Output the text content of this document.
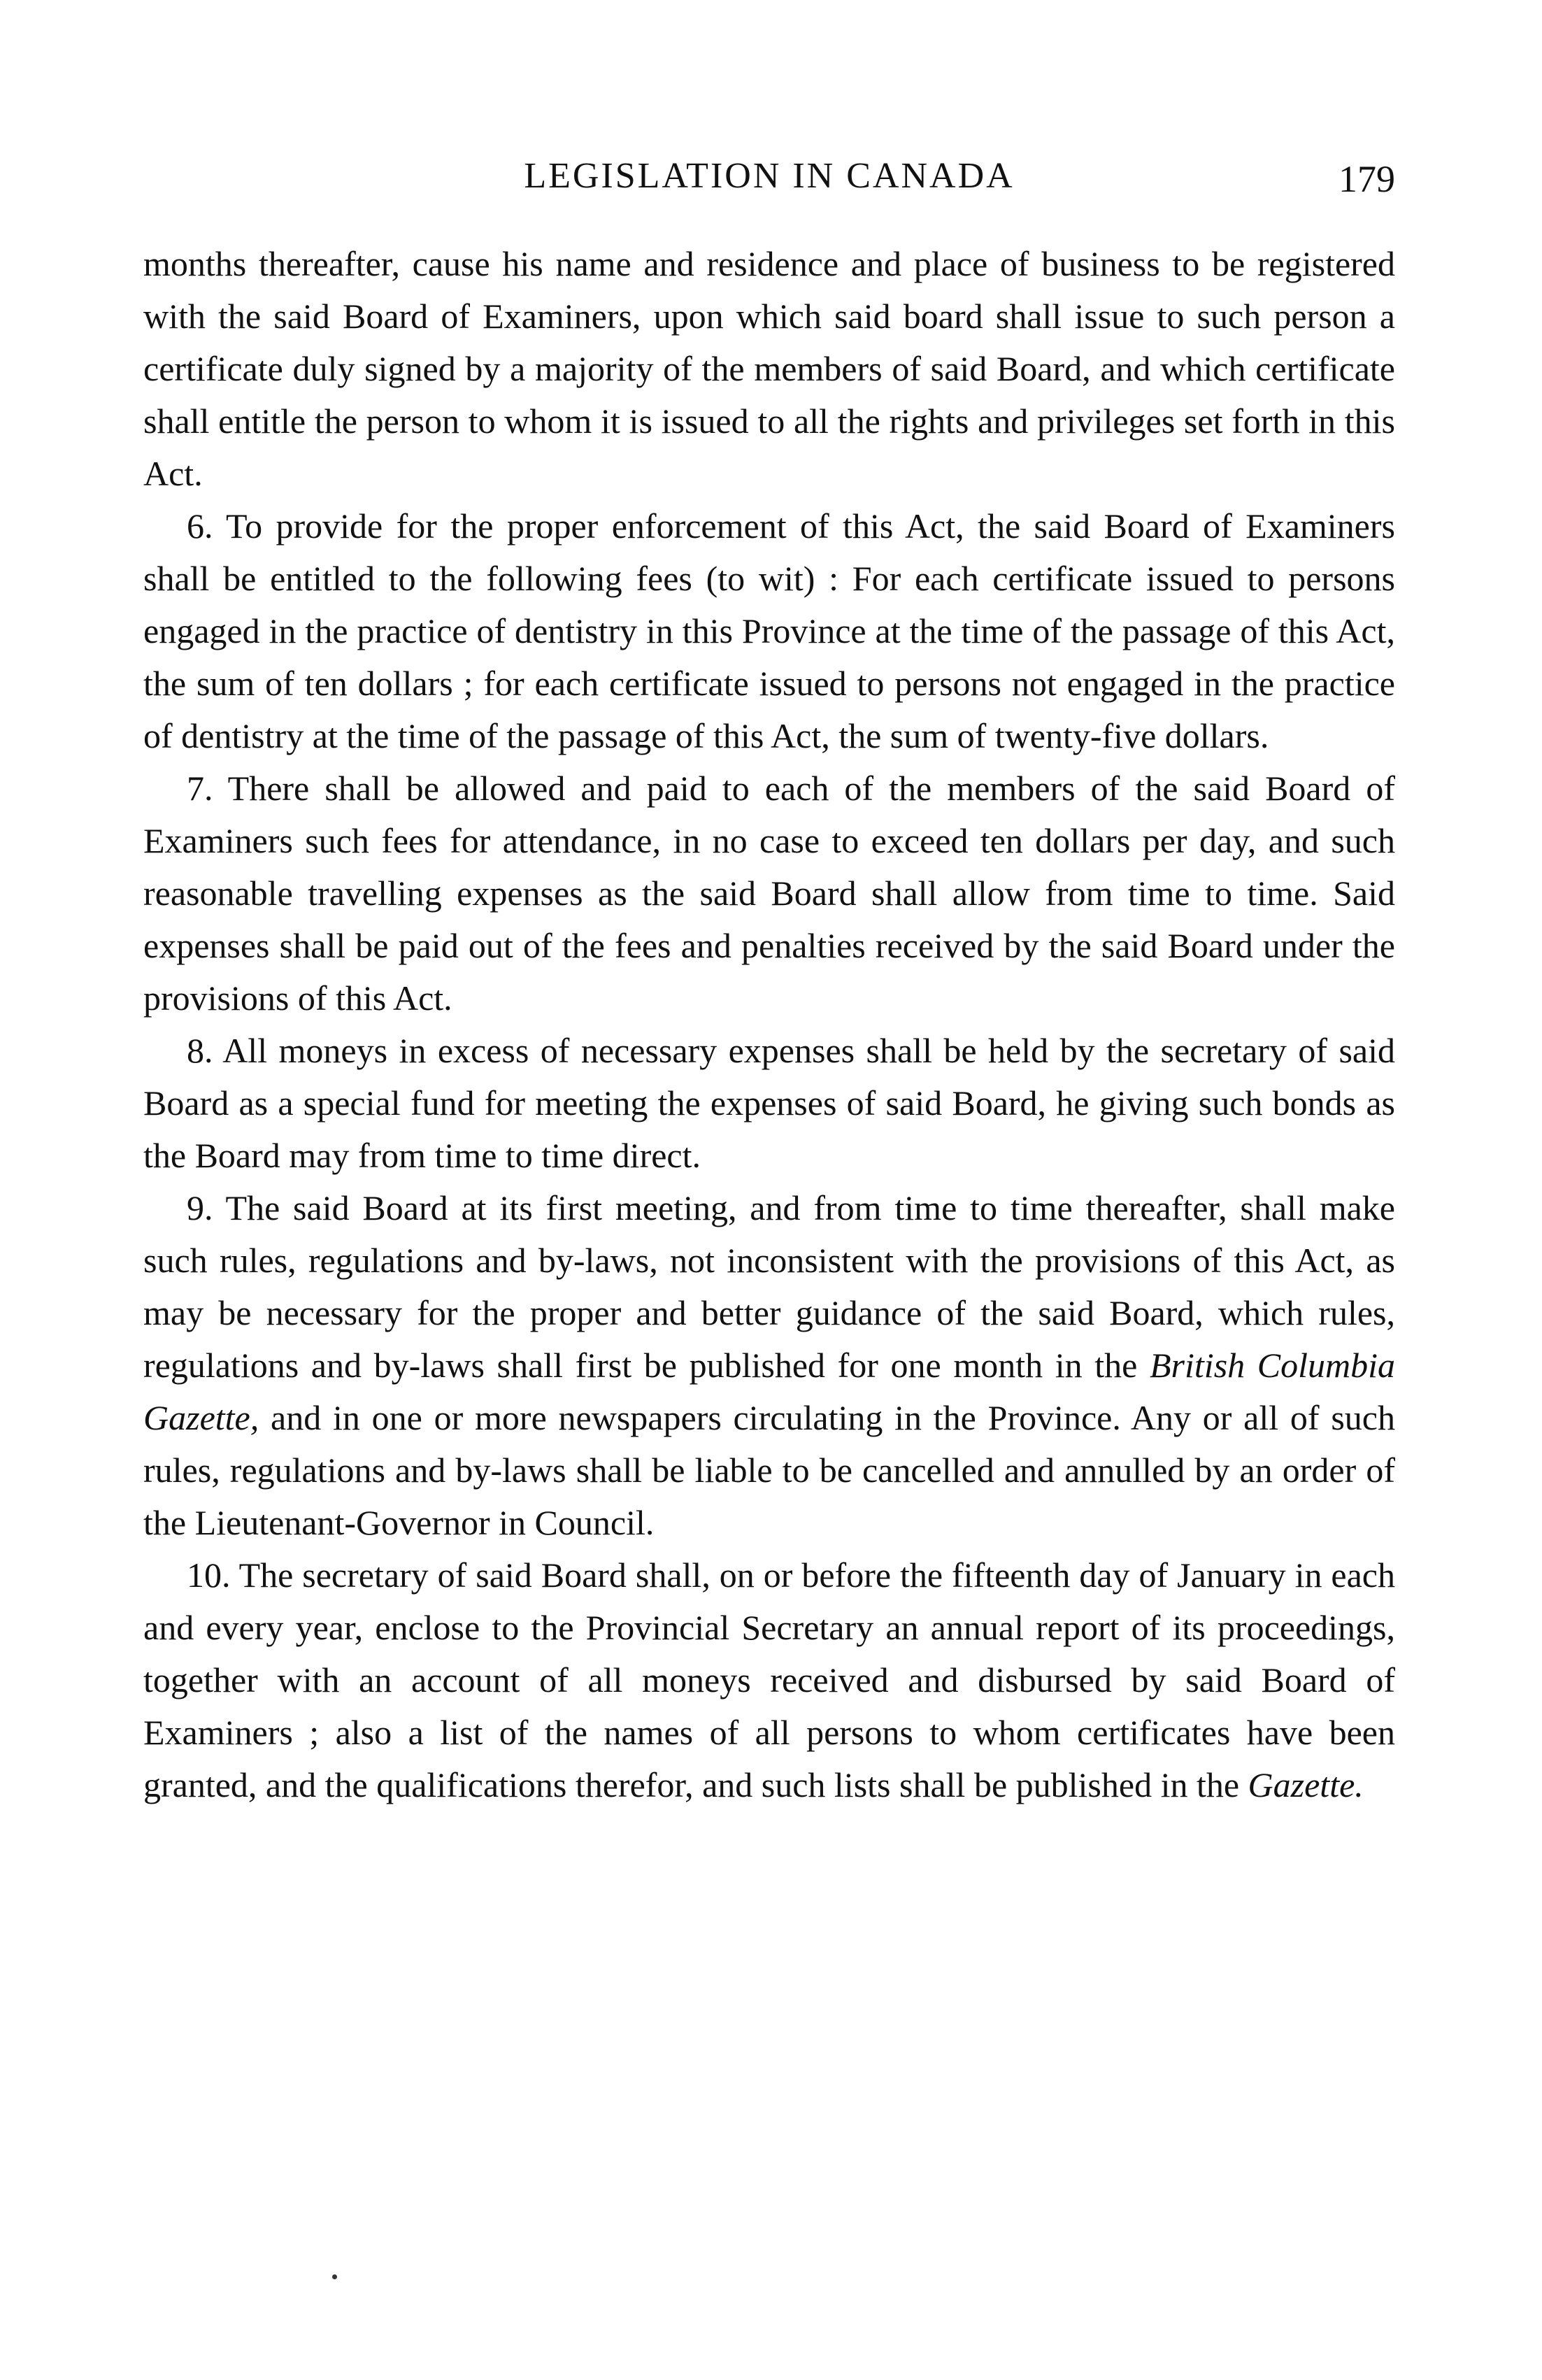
LEGISLATION IN CANADA	179

months thereafter, cause his name and residence and place of business to be registered with the said Board of Examiners, upon which said board shall issue to such person a certificate duly signed by a majority of the members of said Board, and which certificate shall entitle the person to whom it is issued to all the rights and privileges set forth in this Act.

6. To provide for the proper enforcement of this Act, the said Board of Examiners shall be entitled to the following fees (to wit) : For each certificate issued to persons engaged in the practice of dentistry in this Province at the time of the passage of this Act, the sum of ten dollars ; for each certificate issued to persons not engaged in the practice of dentistry at the time of the passage of this Act, the sum of twenty-five dollars.

7. There shall be allowed and paid to each of the members of the said Board of Examiners such fees for attendance, in no case to exceed ten dollars per day, and such reasonable travelling expenses as the said Board shall allow from time to time. Said expenses shall be paid out of the fees and penalties received by the said Board under the provisions of this Act.

8. All moneys in excess of necessary expenses shall be held by the secretary of said Board as a special fund for meeting the expenses of said Board, he giving such bonds as the Board may from time to time direct.

9. The said Board at its first meeting, and from time to time thereafter, shall make such rules, regulations and by-laws, not inconsistent with the provisions of this Act, as may be necessary for the proper and better guidance of the said Board, which rules, regulations and by-laws shall first be published for one month in the British Columbia Gazette, and in one or more newspapers circulating in the Province. Any or all of such rules, regulations and by-laws shall be liable to be cancelled and annulled by an order of the Lieutenant-Governor in Council.

10. The secretary of said Board shall, on or before the fifteenth day of January in each and every year, enclose to the Provincial Secretary an annual report of its proceedings, together with an account of all moneys received and disbursed by said Board of Examiners ; also a list of the names of all persons to whom certificates have been granted, and the qualifications therefor, and such lists shall be published in the Gazette.
